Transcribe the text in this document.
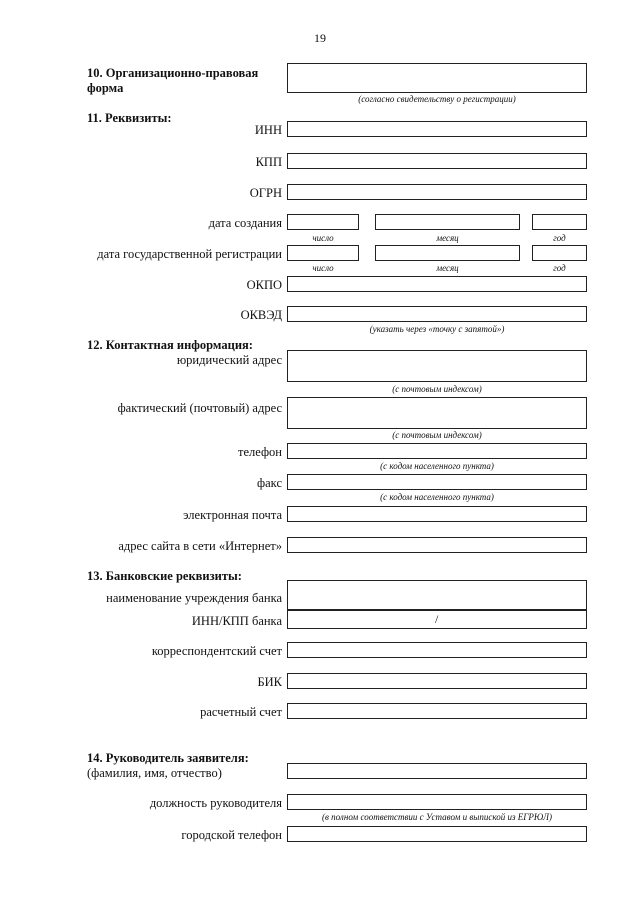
19
10. Организационно-правовая
форма
(согласно свидетельству о регистрации)
11. Реквизиты:
ИНН
КПП
ОГРН
дата создания
число	месяц	год
дата государственной регистрации
число	месяц	год
ОКПО
ОКВЭД
(указать через «точку с запятой»)
12. Контактная информация:
юридический адрес
(с почтовым индексом)
фактический (почтовый) адрес
(с почтовым индексом)
телефон
(с кодом населенного пункта)
факс
(с кодом населенного пункта)
электронная почта
адрес сайта в сети «Интернет»
13. Банковские реквизиты:
наименование учреждения банка
ИНН/КПП банка	/
корреспондентский счет
БИК
расчетный счет
14. Руководитель заявителя:
(фамилия, имя, отчество)
должность руководителя
(в полном соответствии с Уставом и выпиской из ЕГРЮЛ)
городской телефон
